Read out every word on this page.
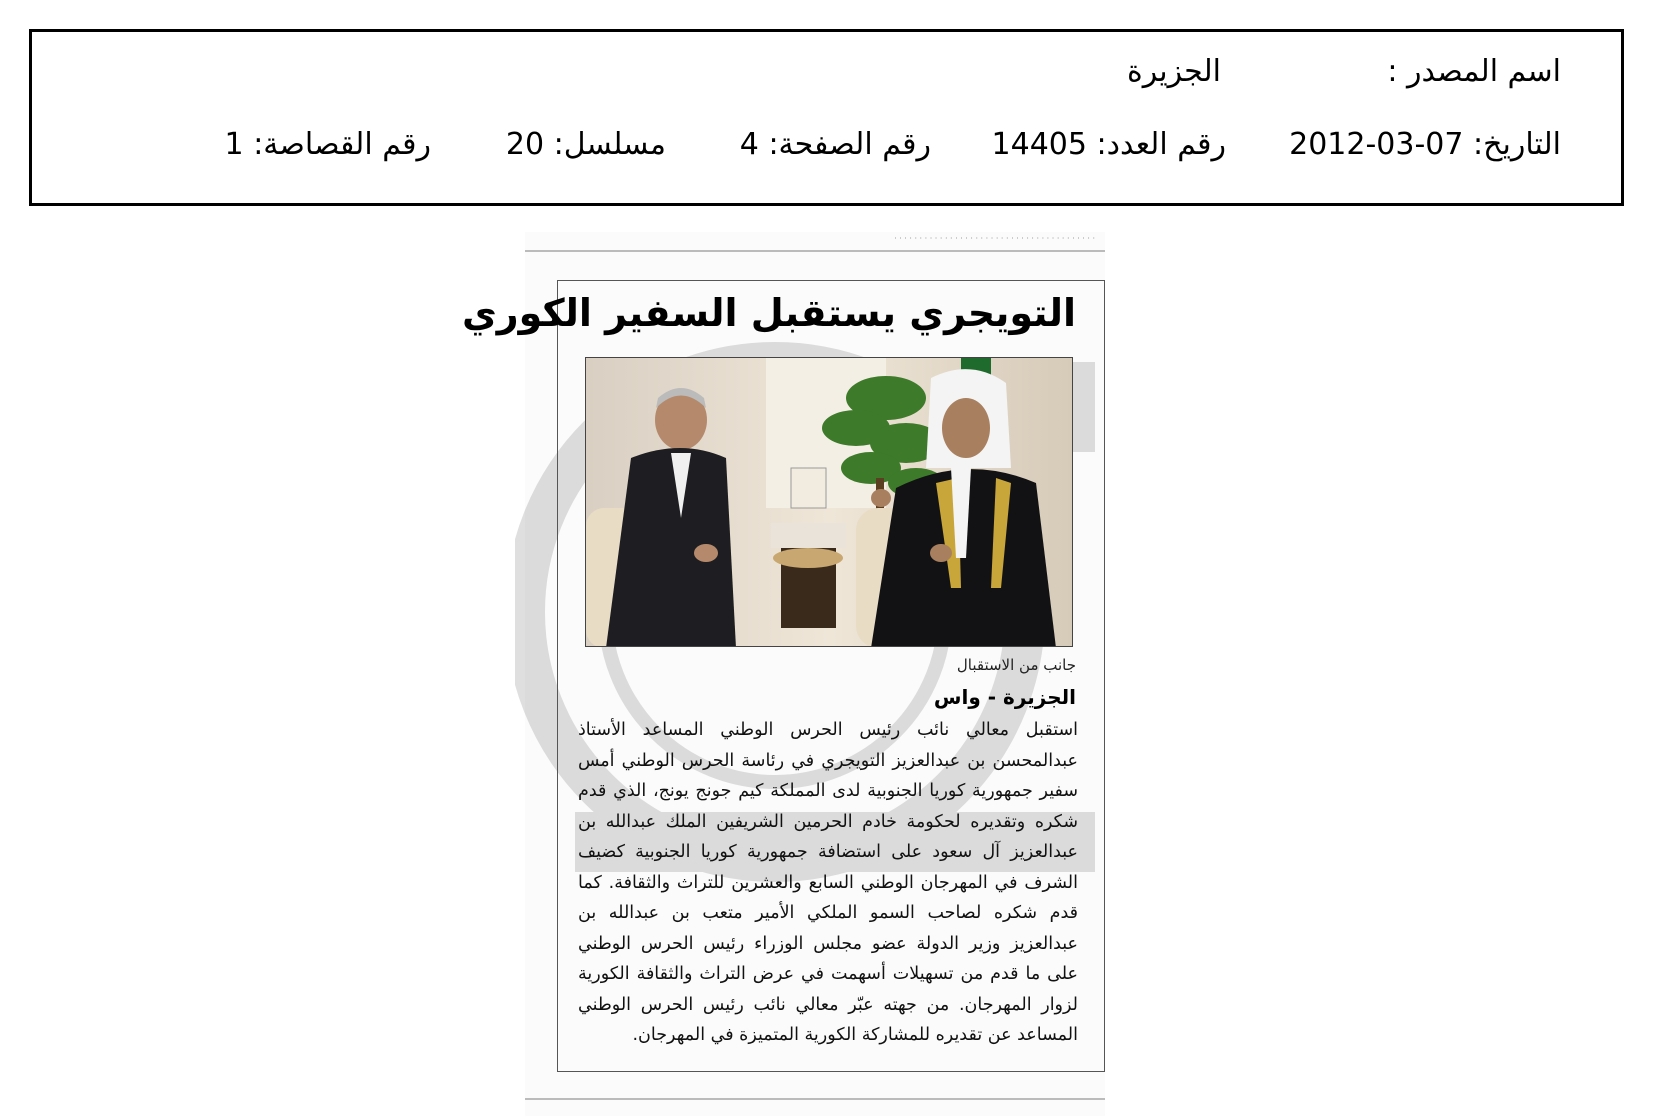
اسم المصدر :
الجزيرة
التاريخ: 2012-03-07
رقم العدد: 14405
رقم الصفحة: 4
مسلسل: 20
رقم القصاصة: 1
· · · · · · · · · · · · · · · · · · · · · · · · · · · · · · · · · · · · · · · ·
التويجري يستقبل السفير الكوري
جانب من الاستقبال
الجزيرة - واس
استقبل معالي نائب رئيس الحرس الوطني المساعد الأستاذ عبدالمحسن بن عبدالعزيز التويجري في رئاسة الحرس الوطني أمس سفير جمهورية كوريا الجنوبية لدى المملكة كيم جونج يونج، الذي قدم شكره وتقديره لحكومة خادم الحرمين الشريفين الملك عبدالله بن عبدالعزيز آل سعود على استضافة جمهورية كوريا الجنوبية كضيف الشرف في المهرجان الوطني السابع والعشرين للتراث والثقافة. كما قدم شكره لصاحب السمو الملكي الأمير متعب بن عبدالله بن عبدالعزيز وزير الدولة عضو مجلس الوزراء رئيس الحرس الوطني على ما قدم من تسهيلات أسهمت في عرض التراث والثقافة الكورية لزوار المهرجان. من جهته عبّر معالي نائب رئيس الحرس الوطني المساعد عن تقديره للمشاركة الكورية المتميزة في المهرجان.
